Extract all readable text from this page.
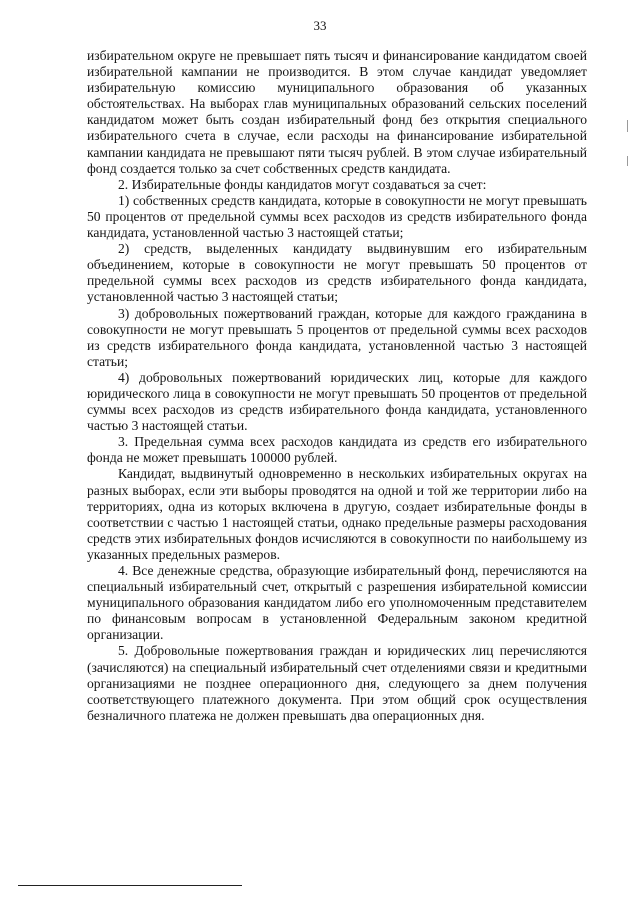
33

избирательном округе не превышает пять тысяч и финансирование кандидатом своей избирательной кампании не производится. В этом случае кандидат уведомляет избирательную комиссию муниципального образования об указанных обстоятельствах. На выборах глав муниципальных образований сельских поселений кандидатом может быть создан избирательный фонд без открытия специального избирательного счета в случае, если расходы на финансирование избирательной кампании кандидата не превышают пяти тысяч рублей. В этом случае избирательный фонд создается только за счет собственных средств кандидата.

2. Избирательные фонды кандидатов могут создаваться за счет:

1) собственных средств кандидата, которые в совокупности не могут превышать 50 процентов от предельной суммы всех расходов из средств избирательного фонда кандидата, установленной частью 3 настоящей статьи;

2) средств, выделенных кандидату выдвинувшим его избирательным объединением, которые в совокупности не могут превышать 50 процентов от предельной суммы всех расходов из средств избирательного фонда кандидата, установленной частью 3 настоящей статьи;

3) добровольных пожертвований граждан, которые для каждого гражданина в совокупности не могут превышать 5 процентов от предельной суммы всех расходов из средств избирательного фонда кандидата, установленной частью 3 настоящей статьи;

4) добровольных пожертвований юридических лиц, которые для каждого юридического лица в совокупности не могут превышать 50 процентов от предельной суммы всех расходов из средств избирательного фонда кандидата, установленного частью 3 настоящей статьи.

3. Предельная сумма всех расходов кандидата из средств его избирательного фонда не может превышать 100000 рублей.

Кандидат, выдвинутый одновременно в нескольких избирательных округах на разных выборах, если эти выборы проводятся на одной и той же территории либо на территориях, одна из которых включена в другую, создает избирательные фонды в соответствии с частью 1 настоящей статьи, однако предельные размеры расходования средств этих избирательных фондов исчисляются в совокупности по наибольшему из указанных предельных размеров.

4. Все денежные средства, образующие избирательный фонд, перечисляются на специальный избирательный счет, открытый с разрешения избирательной комиссии муниципального образования кандидатом либо его уполномоченным представителем по финансовым вопросам в установленной Федеральным законом кредитной организации.

5. Добровольные пожертвования граждан и юридических лиц перечисляются (зачисляются) на специальный избирательный счет отделениями связи и кредитными организациями не позднее операционного дня, следующего за днем получения соответствующего платежного документа. При этом общий срок осуществления безналичного платежа не должен превышать два операционных дня.
